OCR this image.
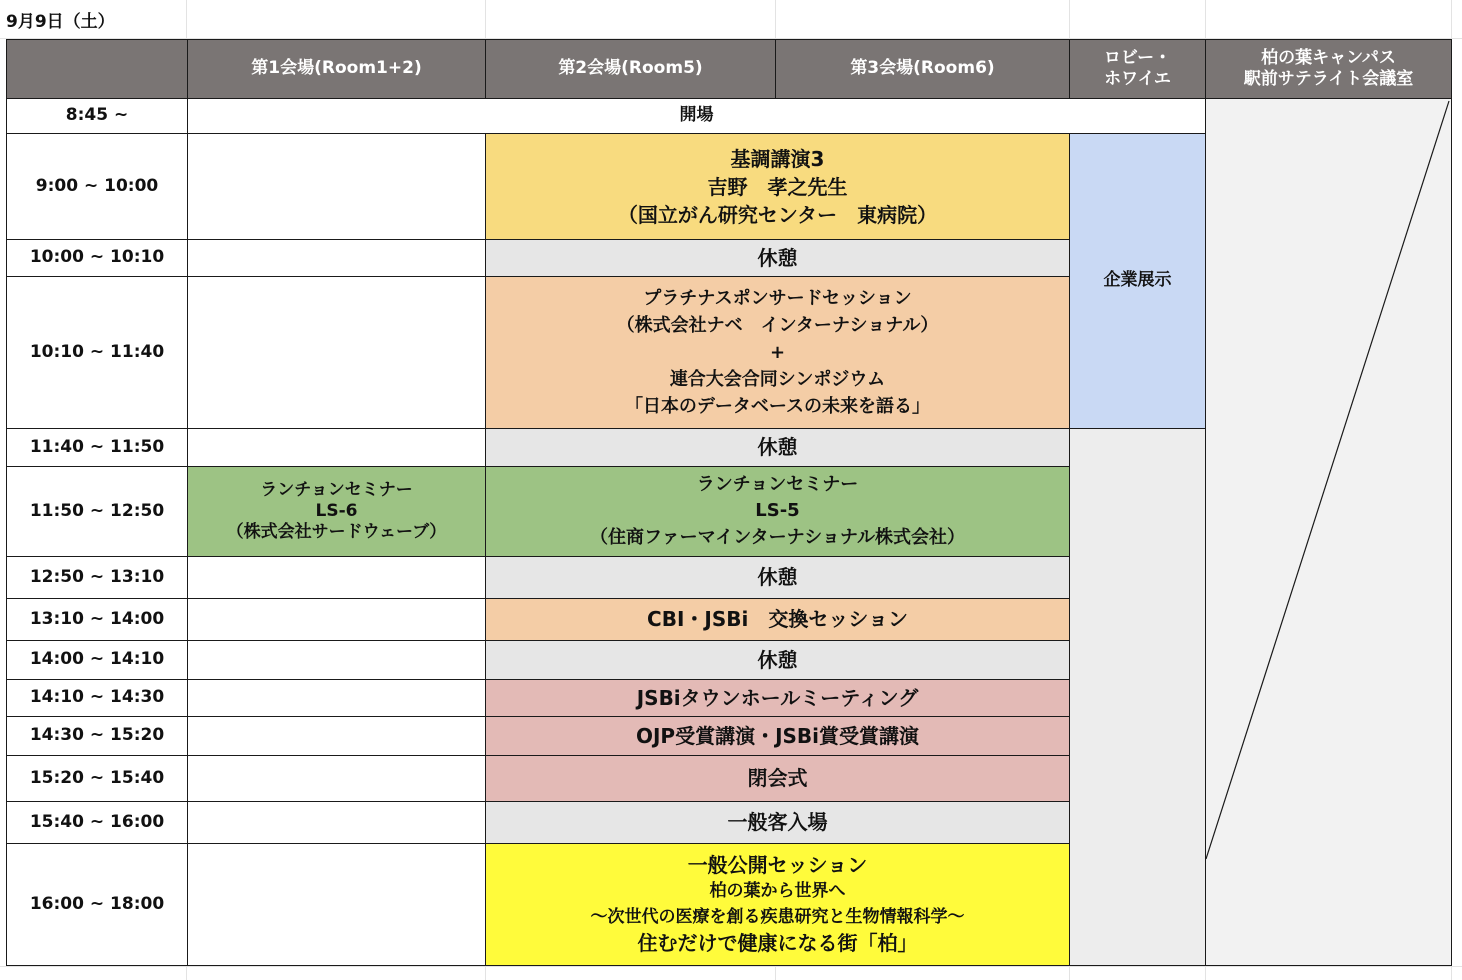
9月9日（土）
第1会場(Room1+2)	第2会場(Room5)	第3会場(Room6)
ロビー・
ホワイエ
柏の葉キャンパス
駅前サテライト会議室
8:45 ~
9:00 ~ 10:00
10:00 ~ 10:10
10:10 ~ 11:40
11:40 ~ 11:50
11:50 ~ 12:50
12:50 ~ 13:10
13:10 ~ 14:00
14:00 ~ 14:10
14:10 ~ 14:30
14:30 ~ 15:20
15:20 ~ 15:40
15:40 ~ 16:00
16:00 ~ 18:00
開場
ランチョンセミナー
LS-6
（株式会社サードウェーブ）
基調講演3
吉野　孝之先生
（国立がん研究センター　東病院）
休憩
プラチナスポンサードセッション
（株式会社ナベ　インターナショナル）
+
連合大会合同シンポジウム
「日本のデータベースの未来を語る」
休憩
ランチョンセミナー
LS-5
（住商ファーマインターナショナル株式会社）
休憩
CBI・JSBi　交換セッション
休憩
JSBiタウンホールミーティング
OJP受賞講演・JSBi賞受賞講演
閉会式
一般客入場
一般公開セッション
柏の葉から世界へ
〜次世代の医療を創る疾患研究と生物情報科学〜
住むだけで健康になる街「柏」
企業展示
